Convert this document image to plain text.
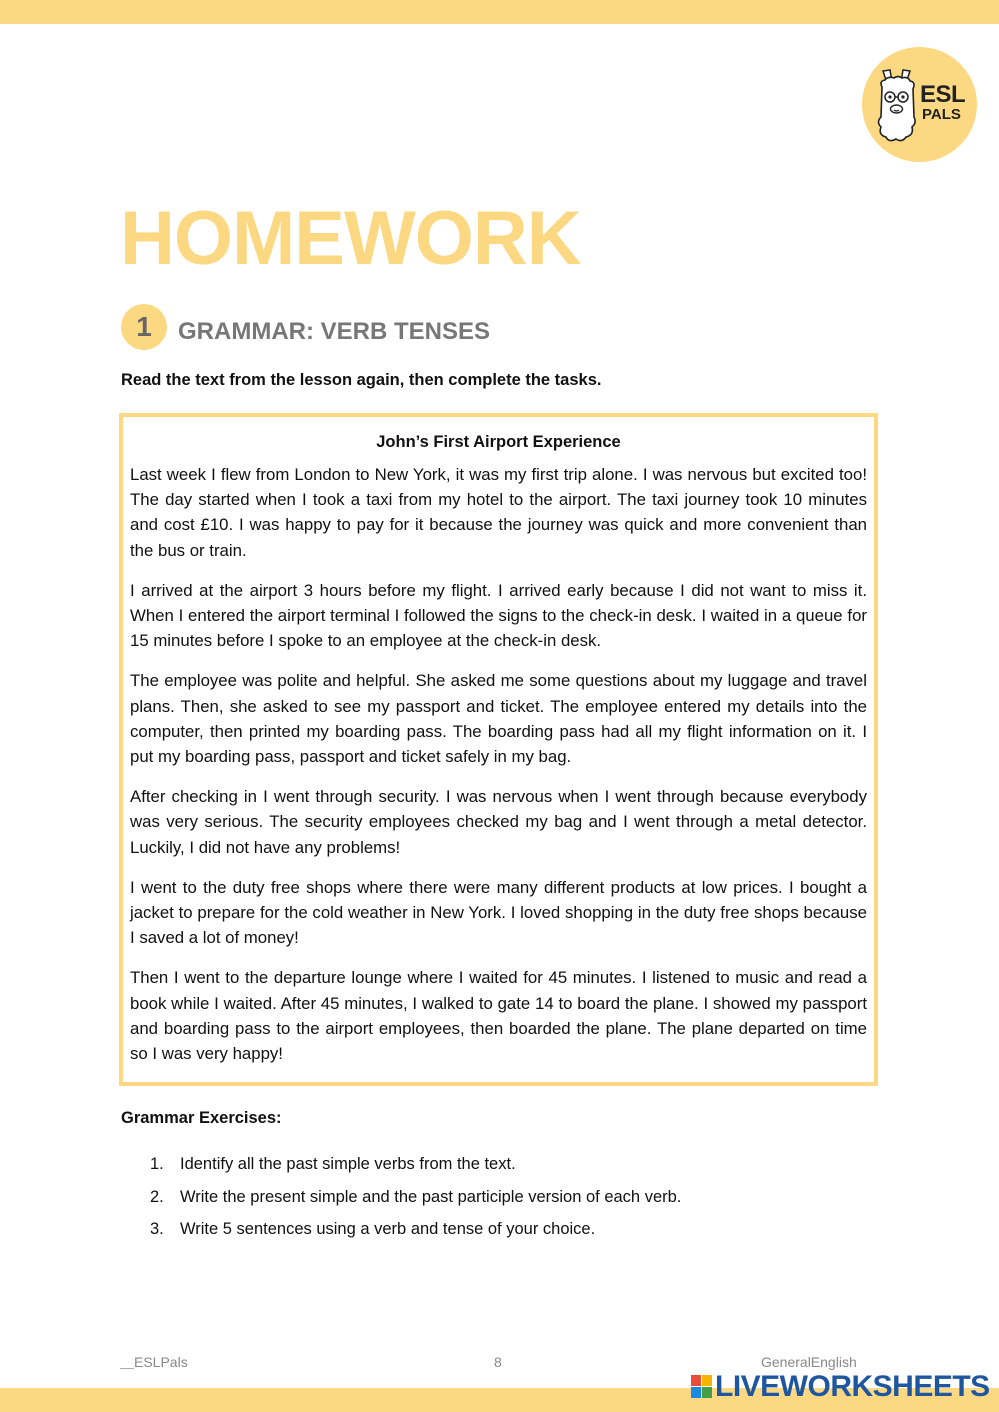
ESL
PALS
HOMEWORK
1	GRAMMAR: VERB TENSES
Read the text from the lesson again, then complete the tasks.
John’s First Airport Experience

Last week I flew from London to New York, it was my first trip alone. I was nervous but excited too! The day started when I took a taxi from my hotel to the airport. The taxi journey took 10 minutes and cost £10. I was happy to pay for it because the journey was quick and more convenient than the bus or train.

I arrived at the airport 3 hours before my flight. I arrived early because I did not want to miss it. When I entered the airport terminal I followed the signs to the check-in desk. I waited in a queue for 15 minutes before I spoke to an employee at the check-in desk.

The employee was polite and helpful. She asked me some questions about my luggage and travel plans. Then, she asked to see my passport and ticket. The employee entered my details into the computer, then printed my boarding pass. The boarding pass had all my flight information on it. I put my boarding pass, passport and ticket safely in my bag.

After checking in I went through security. I was nervous when I went through because everybody was very serious. The security employees checked my bag and I went through a metal detector. Luckily, I did not have any problems!

I went to the duty free shops where there were many different products at low prices. I bought a jacket to prepare for the cold weather in New York. I loved shopping in the duty free shops because I saved a lot of money!

Then I went to the departure lounge where I waited for 45 minutes. I listened to music and read a book while I waited. After 45 minutes, I walked to gate 14 to board the plane. I showed my passport and boarding pass to the airport employees, then boarded the plane. The plane departed on time so I was very happy!

Grammar Exercises:
1. Identify all the past simple verbs from the text.
2. Write the present simple and the past participle version of each verb.
3. Write 5 sentences using a verb and tense of your choice.
⸏ESLPals	8	GeneralEnglish
LIVEWORKSHEETS
